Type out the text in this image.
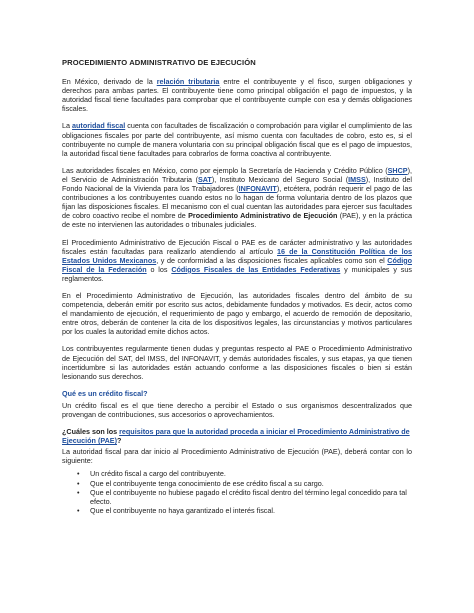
PROCEDIMIENTO ADMINISTRATIVO DE EJECUCIÓN

En México, derivado de la relación tributaria entre el contribuyente y el fisco, surgen obligaciones y derechos para ambas partes. El contribuyente tiene como principal obligación el pago de impuestos, y la autoridad fiscal tiene facultades para comprobar que el contribuyente cumple con esa y demás obligaciones fiscales.

La autoridad fiscal cuenta con facultades de fiscalización o comprobación para vigilar el cumplimiento de las obligaciones fiscales por parte del contribuyente, así mismo cuenta con facultades de cobro, esto es, si el contribuyente no cumple de manera voluntaria con su principal obligación fiscal que es el pago de impuestos, la autoridad fiscal tiene facultades para cobrarlos de forma coactiva al contribuyente.

Las autoridades fiscales en México, como por ejemplo la Secretaría de Hacienda y Crédito Público (SHCP), el Servicio de Administración Tributaria (SAT), Instituto Mexicano del Seguro Social (IMSS), Instituto del Fondo Nacional de la Vivienda para los Trabajadores (INFONAVIT), etcétera, podrán requerir el pago de las contribuciones a los contribuyentes cuando estos no lo hagan de forma voluntaria dentro de los plazos que fijan las disposiciones fiscales. El mecanismo con el cual cuentan las autoridades para ejercer sus facultades de cobro coactivo recibe el nombre de Procedimiento Administrativo de Ejecución (PAE), y en la práctica de este no intervienen las autoridades o tribunales judiciales.

El Procedimiento Administrativo de Ejecución Fiscal o PAE es de carácter administrativo y las autoridades fiscales están facultadas para realizarlo atendiendo al artículo 16 de la Constitución Política de los Estados Unidos Mexicanos, y de conformidad a las disposiciones fiscales aplicables como son el Código Fiscal de la Federación o los Códigos Fiscales de las Entidades Federativas y municipales y sus reglamentos.

En el Procedimiento Administrativo de Ejecución, las autoridades fiscales dentro del ámbito de su competencia, deberán emitir por escrito sus actos, debidamente fundados y motivados. Es decir, actos como el mandamiento de ejecución, el requerimiento de pago y embargo, el acuerdo de remoción de depositario, entre otros, deberán de contener la cita de los dispositivos legales, las circunstancias y motivos particulares por los cuales la autoridad emite dichos actos.

Los contribuyentes regularmente tienen dudas y preguntas respecto al PAE o Procedimiento Administrativo de Ejecución del SAT, del IMSS, del INFONAVIT, y demás autoridades fiscales, y sus etapas, ya que tienen incertidumbre si las autoridades están actuando conforme a las disposiciones fiscales o bien si están lesionando sus derechos.

Qué es un crédito fiscal?

Un crédito fiscal es el que tiene derecho a percibir el Estado o sus organismos descentralizados que provengan de contribuciones, sus accesorios o aprovechamientos.

¿Cuáles son los requisitos para que la autoridad proceda a iniciar el Procedimiento Administrativo de Ejecución (PAE)?

La autoridad fiscal para dar inicio al Procedimiento Administrativo de Ejecución (PAE), deberá contar con lo siguiente:

• Un crédito fiscal a cargo del contribuyente.
• Que el contribuyente tenga conocimiento de ese crédito fiscal a su cargo.
• Que el contribuyente no hubiese pagado el crédito fiscal dentro del término legal concedido para tal efecto.
• Que el contribuyente no haya garantizado el interés fiscal.
